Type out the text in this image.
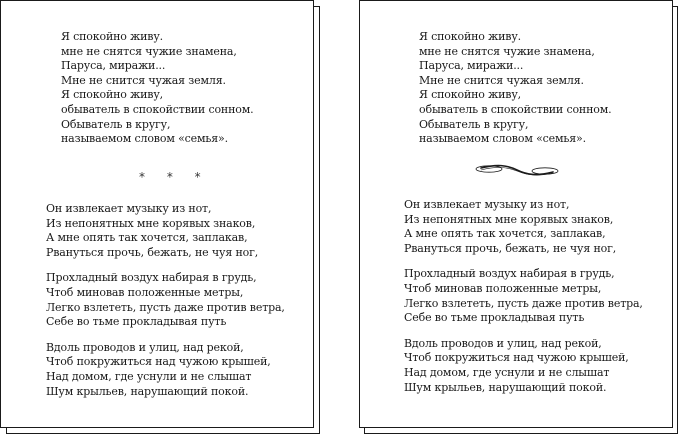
Я спокойно живу.
мне не снятся чужие знамена,
Паруса, миражи...
Мне не снится чужая земля.
Я спокойно живу,
обыватель в спокойствии сонном.
Обыватель в кругу,
называемом словом «семья».
* * *
Он извлекает музыку из нот,
Из непонятных мне корявых знаков,
А мне опять так хочется, заплакав,
Рвануться прочь, бежать, не чуя ног,
Прохладный воздух набирая в грудь,
Чтоб миновав положенные метры,
Легко взлететь, пусть даже против ветра,
Себе во тьме прокладывая путь
Вдоль проводов и улиц, над рекой,
Чтоб покружиться над чужою крышей,
Над домом, где уснули и не слышат
Шум крыльев, нарушающий покой.
Я спокойно живу.
мне не снятся чужие знамена,
Паруса, миражи...
Мне не снится чужая земля.
Я спокойно живу,
обыватель в спокойствии сонном.
Обыватель в кругу,
называемом словом «семья».
Он извлекает музыку из нот,
Из непонятных мне корявых знаков,
А мне опять так хочется, заплакав,
Рвануться прочь, бежать, не чуя ног,
Прохладный воздух набирая в грудь,
Чтоб миновав положенные метры,
Легко взлететь, пусть даже против ветра,
Себе во тьме прокладывая путь
Вдоль проводов и улиц, над рекой,
Чтоб покружиться над чужою крышей,
Над домом, где уснули и не слышат
Шум крыльев, нарушающий покой.
